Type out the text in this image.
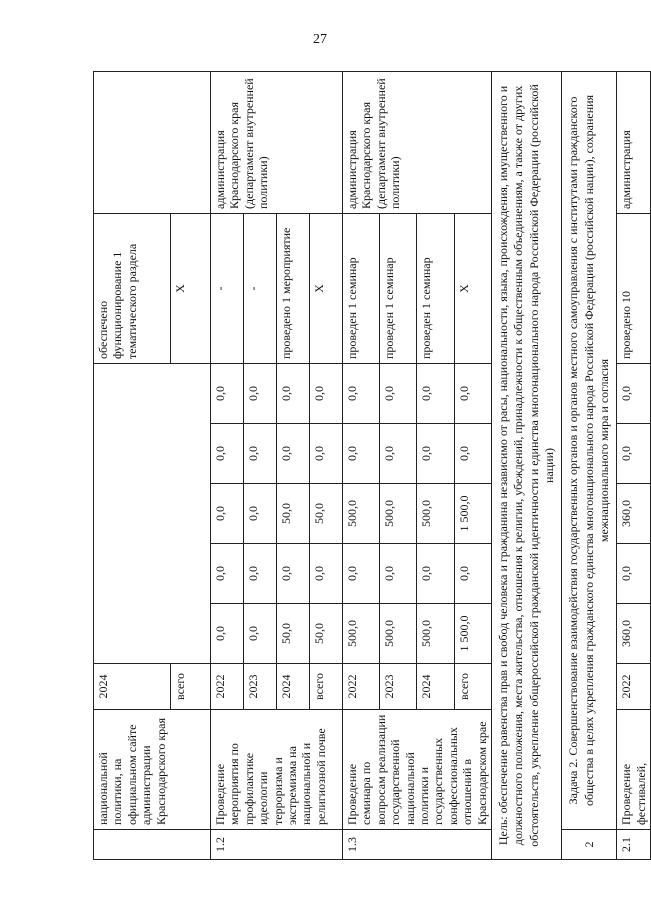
27
	национальной политики, на официальном сайте администрации Краснодарского края	2024						обеспечено функционирование 1 тематического раздела	
		всего						Х	
1.2	Проведение мероприятия по профилактике идеологии терроризма и экстремизма на национальной и религиозной почве	2022	0,0	0,0	0,0	0,0	0,0	-	администрация Краснодарского края (департамент внутренней политики)
		2023	0,0	0,0	0,0	0,0	0,0	-	
		2024	50,0	0,0	50,0	0,0	0,0	проведено 1 мероприятие	
		всего	50,0	0,0	50,0	0,0	0,0	Х	
1.3	Проведение семинара по вопросам реализации государственной национальной политики и государственных конфессиональных отношений в Краснодарском крае	2022	500,0	0,0	500,0	0,0	0,0	проведен 1 семинар	администрация Краснодарского края (департамент внутренней политики)
		2023	500,0	0,0	500,0	0,0	0,0	проведен 1 семинар	
		2024	500,0	0,0	500,0	0,0	0,0	проведен 1 семинар	
		всего	1 500,0	0,0	1 500,0	0,0	0,0	Х	
Цель: обеспечение равенства прав и свобод человека и гражданина независимо от расы, национальности, языка, происхождения, имущественного и должностного положения, места жительства, отношения к религии, убеждений, принадлежности к общественным объединениям, а также от других обстоятельств, укрепление общероссийской гражданской идентичности и единства многонационального народа Российской Федерации (российской нации)									
2	Задача 2. Совершенствование взаимодействия государственных органов и органов местного самоуправления с институтами гражданского общества в целях укрепления гражданского единства многонационального народа Российской Федерации (российской нации), сохранения межнационального мира и согласия								
2.1	Проведение фестивалей,	2022	360,0	0,0	360,0	0,0	0,0	проведено 10	администрация
